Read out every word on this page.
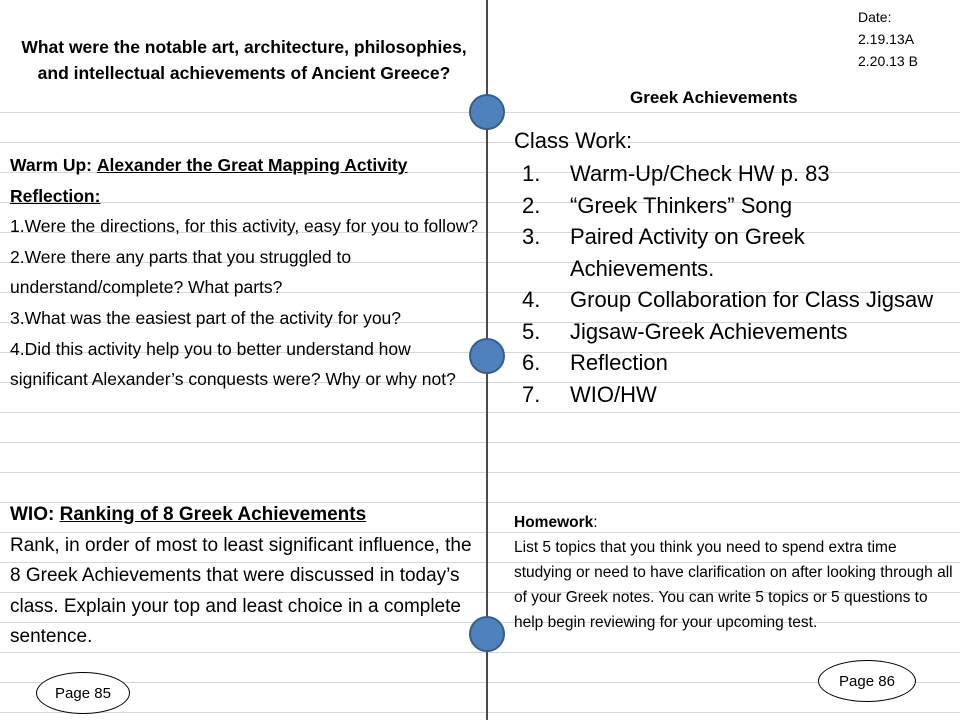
What were the notable art, architecture, philosophies, and intellectual achievements of Ancient Greece?
Warm Up: Alexander the Great Mapping Activity Reflection:
1.Were the directions, for this activity, easy for you to follow?
2.Were there any parts that you struggled to understand/complete? What parts?
3.What was the easiest part of the activity for you?
4.Did this activity help you to better understand how significant Alexander’s conquests were? Why or why not?
WIO: Ranking of 8 Greek Achievements
Rank, in order of most to least significant influence, the 8 Greek Achievements that were discussed in today’s class. Explain your top and least choice in a complete sentence.
Page 85
Date:
2.19.13A
2.20.13 B
Greek Achievements
Class Work:
1.	Warm-Up/Check HW p. 83
2.	“Greek Thinkers” Song
3.	Paired Activity on Greek Achievements.
4.	Group Collaboration for Class Jigsaw
5.	Jigsaw-Greek Achievements
6.	Reflection
7.	WIO/HW
Homework:
List 5 topics that you think you need to spend extra time studying or need to have clarification on after looking through all of your Greek notes. You can write 5 topics or 5 questions to help begin reviewing for your upcoming test.
Page 86
